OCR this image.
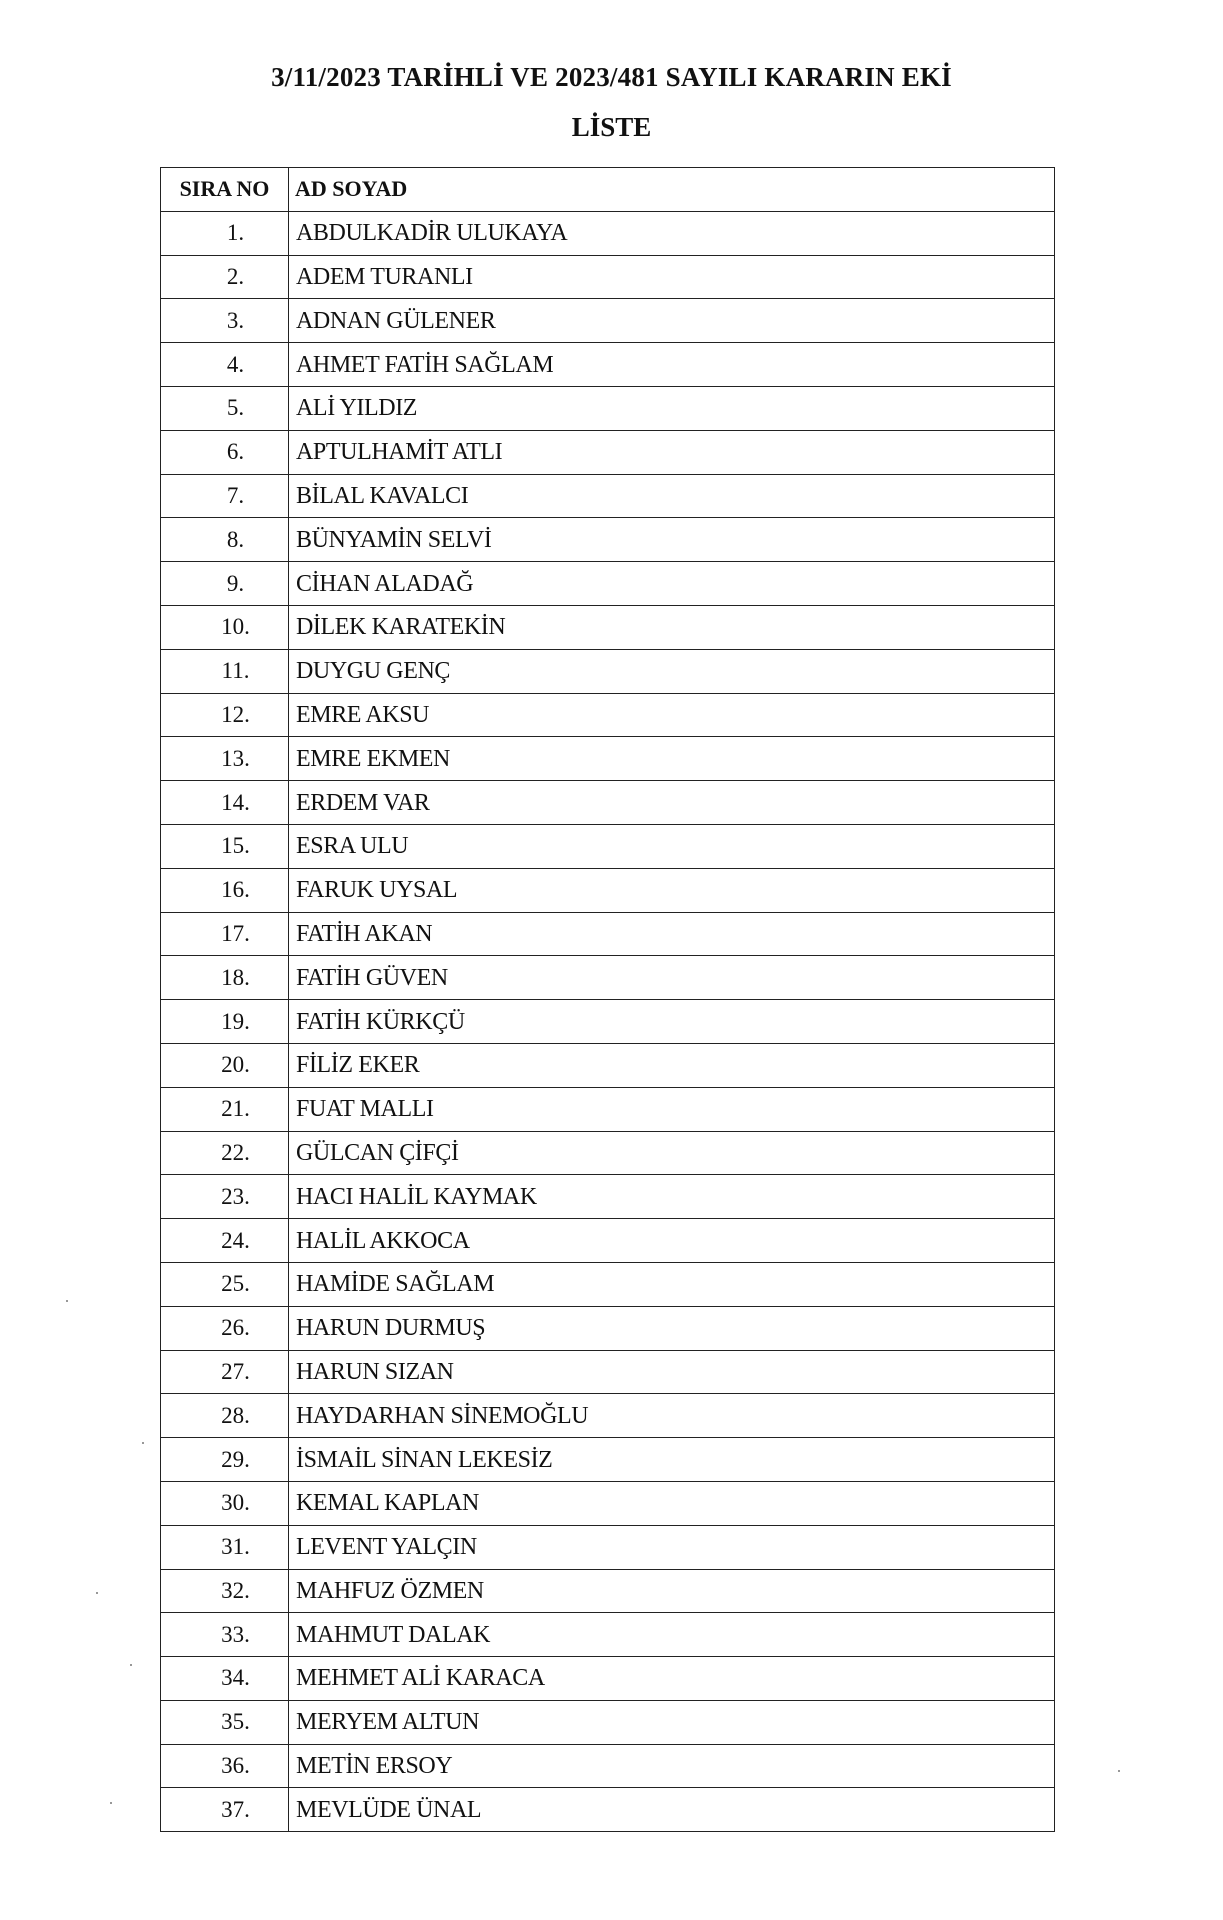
3/11/2023 TARİHLİ VE 2023/481 SAYILI KARARIN EKİ
LİSTE
SIRA NO	AD SOYAD
1.	ABDULKADİR ULUKAYA
2.	ADEM TURANLI
3.	ADNAN GÜLENER
4.	AHMET FATİH SAĞLAM
5.	ALİ YILDIZ
6.	APTULHAMİT ATLI
7.	BİLAL KAVALCI
8.	BÜNYAMİN SELVİ
9.	CİHAN ALADAĞ
10.	DİLEK KARATEKİN
11.	DUYGU GENÇ
12.	EMRE AKSU
13.	EMRE EKMEN
14.	ERDEM VAR
15.	ESRA ULU
16.	FARUK UYSAL
17.	FATİH AKAN
18.	FATİH GÜVEN
19.	FATİH KÜRKÇÜ
20.	FİLİZ EKER
21.	FUAT MALLI
22.	GÜLCAN ÇİFÇİ
23.	HACI HALİL KAYMAK
24.	HALİL AKKOCA
25.	HAMİDE SAĞLAM
26.	HARUN DURMUŞ
27.	HARUN SIZAN
28.	HAYDARHAN SİNEMOĞLU
29.	İSMAİL SİNAN LEKESİZ
30.	KEMAL KAPLAN
31.	LEVENT YALÇIN
32.	MAHFUZ ÖZMEN
33.	MAHMUT DALAK
34.	MEHMET ALİ KARACA
35.	MERYEM ALTUN
36.	METİN ERSOY
37.	MEVLÜDE ÜNAL
